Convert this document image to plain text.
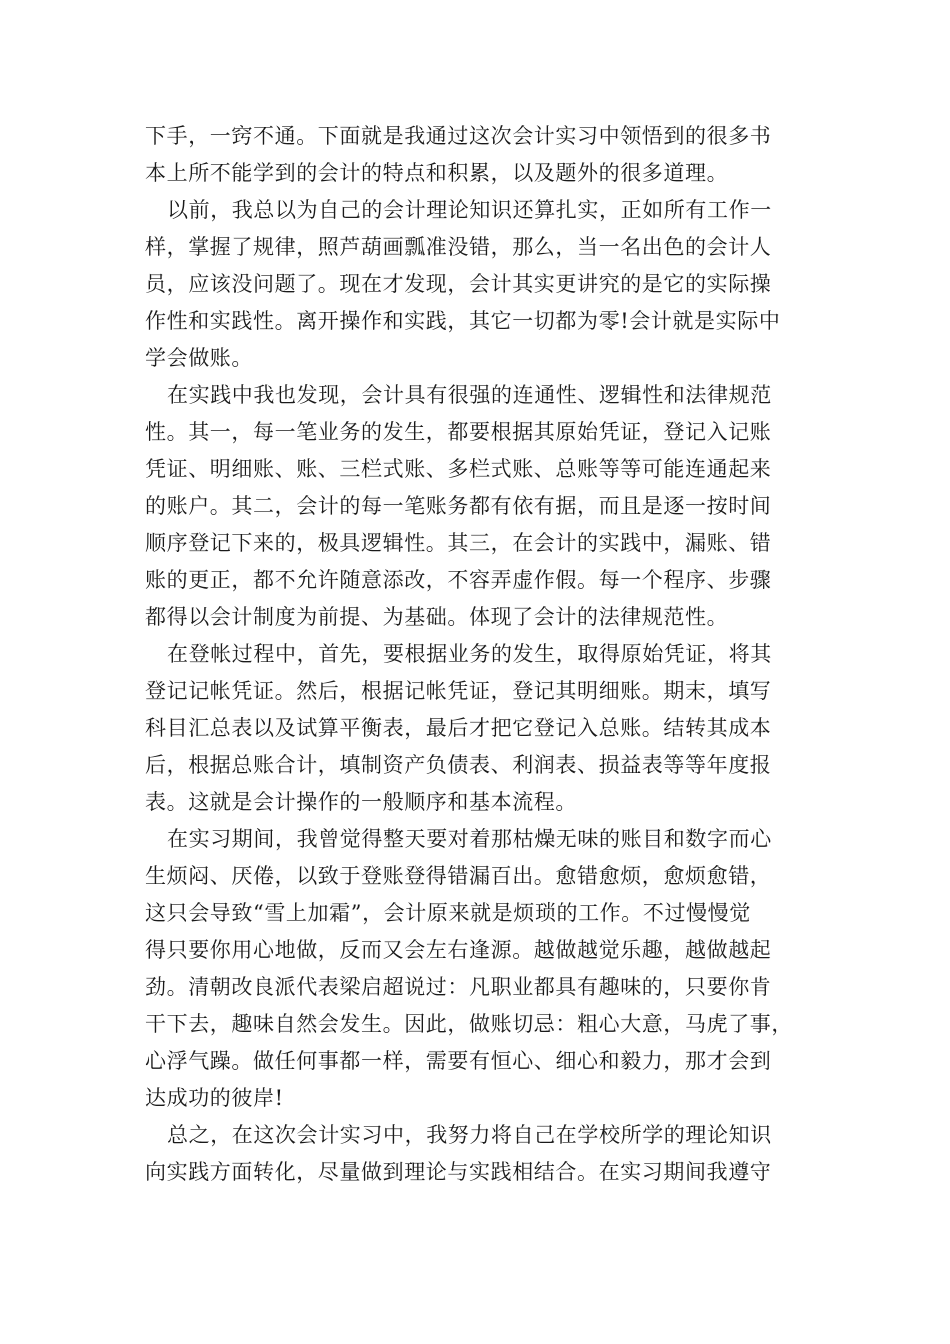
下手，一窍不通。下面就是我通过这次会计实习中领悟到的很多书
本上所不能学到的会计的特点和积累，以及题外的很多道理。
以前，我总以为自己的会计理论知识还算扎实，正如所有工作一
样，掌握了规律，照芦葫画瓢准没错，那么，当一名出色的会计人
员，应该没问题了。现在才发现，会计其实更讲究的是它的实际操
作性和实践性。离开操作和实践，其它一切都为零!会计就是实际中
学会做账。
在实践中我也发现，会计具有很强的连通性、逻辑性和法律规范
性。其一，每一笔业务的发生，都要根据其原始凭证，登记入记账
凭证、明细账、账、三栏式账、多栏式账、总账等等可能连通起来
的账户。其二，会计的每一笔账务都有依有据，而且是逐一按时间
顺序登记下来的，极具逻辑性。其三，在会计的实践中，漏账、错
账的更正，都不允许随意添改，不容弄虚作假。每一个程序、步骤
都得以会计制度为前提、为基础。体现了会计的法律规范性。
在登帐过程中，首先，要根据业务的发生，取得原始凭证，将其
登记记帐凭证。然后，根据记帐凭证，登记其明细账。期末，填写
科目汇总表以及试算平衡表，最后才把它登记入总账。结转其成本
后，根据总账合计，填制资产负债表、利润表、损益表等等年度报
表。这就是会计操作的一般顺序和基本流程。
在实习期间，我曾觉得整天要对着那枯燥无味的账目和数字而心
生烦闷、厌倦，以致于登账登得错漏百出。愈错愈烦，愈烦愈错，
这只会导致“雪上加霜”，会计原来就是烦琐的工作。不过慢慢觉
得只要你用心地做，反而又会左右逢源。越做越觉乐趣，越做越起
劲。清朝改良派代表梁启超说过：凡职业都具有趣味的，只要你肯
干下去，趣味自然会发生。因此，做账切忌：粗心大意，马虎了事，
心浮气躁。做任何事都一样，需要有恒心、细心和毅力，那才会到
达成功的彼岸!
总之，在这次会计实习中，我努力将自己在学校所学的理论知识
向实践方面转化，尽量做到理论与实践相结合。在实习期间我遵守
